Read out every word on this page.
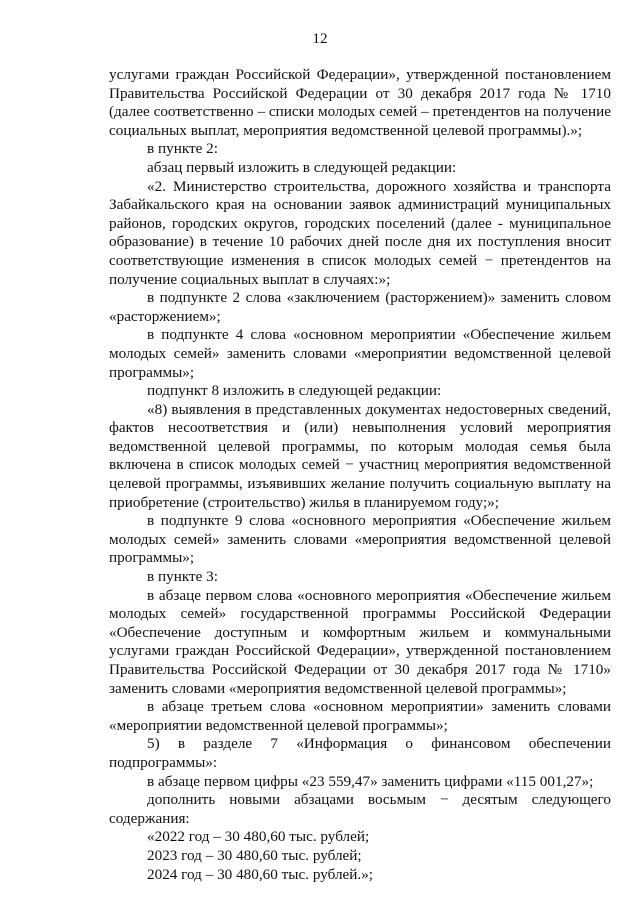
12

услугами граждан Российской Федерации», утвержденной постановлением Правительства Российской Федерации от 30 декабря 2017 года № 1710 (далее соответственно – списки молодых семей – претендентов на получение социальных выплат, мероприятия ведомственной целевой программы).»;

в пункте 2:

абзац первый изложить в следующей редакции:

«2. Министерство строительства, дорожного хозяйства и транспорта Забайкальского края на основании заявок администраций муниципальных районов, городских округов, городских поселений (далее - муниципальное образование) в течение 10 рабочих дней после дня их поступления вносит соответствующие изменения в список молодых семей − претендентов на получение социальных выплат в случаях:»;

в подпункте 2 слова «заключением (расторжением)» заменить словом «расторжением»;

в подпункте 4 слова «основном мероприятии «Обеспечение жильем молодых семей» заменить словами «мероприятии ведомственной целевой программы»;

подпункт 8 изложить в следующей редакции:

«8) выявления в представленных документах недостоверных сведений, фактов несоответствия и (или) невыполнения условий мероприятия ведомственной целевой программы, по которым молодая семья была включена в список молодых семей − участниц мероприятия ведомственной целевой программы, изъявивших желание получить социальную выплату на приобретение (строительство) жилья в планируемом году;»;

в подпункте 9 слова «основного мероприятия «Обеспечение жильем молодых семей» заменить словами «мероприятия ведомственной целевой программы»;

в пункте 3:

в абзаце первом слова «основного мероприятия «Обеспечение жильем молодых семей» государственной программы Российской Федерации «Обеспечение доступным и комфортным жильем и коммунальными услугами граждан Российской Федерации», утвержденной постановлением Правительства Российской Федерации от 30 декабря 2017 года № 1710» заменить словами «мероприятия ведомственной целевой программы»;

в абзаце третьем слова «основном мероприятии» заменить словами «мероприятии ведомственной целевой программы»;

5) в разделе 7 «Информация о финансовом обеспечении подпрограммы»:

в абзаце первом цифры «23 559,47» заменить цифрами «115 001,27»;

дополнить новыми абзацами восьмым − десятым следующего содержания:

«2022 год – 30 480,60 тыс. рублей;

2023 год – 30 480,60 тыс. рублей;

2024 год – 30 480,60 тыс. рублей.»;
